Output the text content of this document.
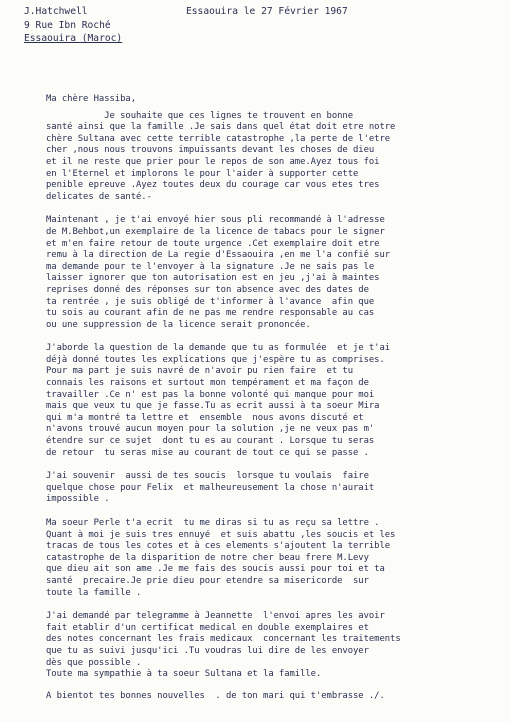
J.Hatchwell
9 Rue Ibn Roché
Essaouira (Maroc)
Essaouira le 27 Février 1967

Ma chère Hassiba,

Je souhaite que ces lignes te trouvent en bonne

santé ainsi que la famille .Je sais dans quel état doit etre notre

chère Sultana avec cette terrible catastrophe ,la perte de l'etre

cher ,nous nous trouvons impuissants devant les choses de dieu

et il ne reste que prier pour le repos de son ame.Ayez tous foi

en l'Eternel et implorons le pour l'aider à supporter cette

penible epreuve .Ayez toutes deux du courage car vous etes tres

delicates de santé.-

Maintenant , je t'ai envoyé hier sous pli recommandé à l'adresse

de M.Behbot,un exemplaire de la licence de tabacs pour le signer

et m'en faire retour de toute urgence .Cet exemplaire doit etre

remu à la direction de La regie d'Essaouira ,en me l'a confié sur

ma demande pour te l'envoyer à la signature .Je ne sais pas le

laisser ignorer que ton autorisation est en jeu ,j'ai à maintes

reprises donné des réponses sur ton absence avec des dates de

ta rentrée , je suis obligé de t'informer à l'avance  afin que

tu sois au courant afin de ne pas me rendre responsable au cas

ou une suppression de la licence serait prononcée.

J'aborde la question de la demande que tu as formulée  et je t'ai

déjà donné toutes les explications que j'espère tu as comprises.

Pour ma part je suis navré de n'avoir pu rien faire  et tu

connais les raisons et surtout mon tempérament et ma façon de

travailler .Ce n' est pas la bonne volonté qui manque pour moi

mais que veux tu que je fasse.Tu as ecrit aussi à ta soeur Mira

qui m'a montré ta lettre et  ensemble  nous avons discuté et

n'avons trouvé aucun moyen pour la solution ,je ne veux pas m'

étendre sur ce sujet  dont tu es au courant . Lorsque tu seras

de retour  tu seras mise au courant de tout ce qui se passe .

J'ai souvenir  aussi de tes soucis  lorsque tu voulais  faire

quelque chose pour Felix  et malheureusement la chose n'aurait

impossible .

Ma soeur Perle t'a ecrit  tu me diras si tu as reçu sa lettre .

Quant à moi je suis tres ennuyé  et suis abattu ,les soucis et les

tracas de tous les cotes et à ces elements s'ajoutent la terrible

catastrophe de la disparition de notre cher beau frere M.Levy

que dieu ait son ame .Je me fais des soucis aussi pour toi et ta

santé  precaire.Je prie dieu pour etendre sa misericorde  sur

toute la famille .

J'ai demandé par telegramme à Jeannette  l'envoi apres les avoir

fait etablir d'un certificat medical en double exemplaires et

des notes concernant les frais medicaux  concernant les traitements

que tu as suivi jusqu'ici .Tu voudras lui dire de les envoyer

dès que possible .

Toute ma sympathie à ta soeur Sultana et la famille.

A bientot tes bonnes nouvelles  . de ton mari qui t'embrasse ./.
